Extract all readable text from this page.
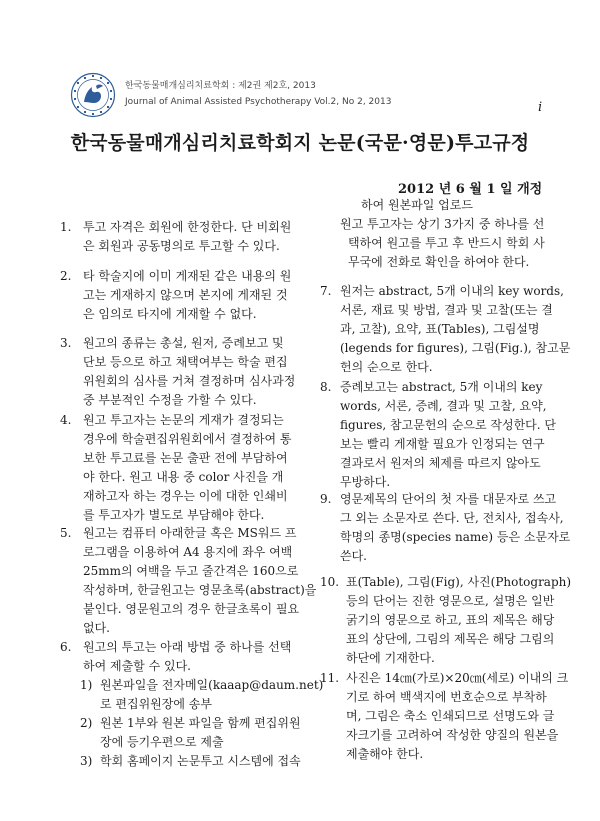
한국동물매개심리치료학회 : 제2권 제2호, 2013
Journal of Animal Assisted Psychotherapy Vol.2, No 2, 2013	i
한국동물매개심리치료학회지 논문(국문·영문)투고규정
2012 년 6 월 1 일 개정
1. 투고 자격은 회원에 한정한다. 단 비회원
은 회원과 공동명의로 투고할 수 있다.
2. 타 학술지에 이미 게재된 같은 내용의 원
고는 게재하지 않으며 본지에 게재된 것
은 임의로 타지에 게재할 수 없다.
3. 원고의 종류는 총설, 원저, 증례보고 및
단보 등으로 하고 채택여부는 학술 편집
위원회의 심사를 거쳐 결정하며 심사과정
중 부분적인 수정을 가할 수 있다.
4. 원고 투고자는 논문의 게재가 결정되는
경우에 학술편집위원회에서 결정하여 통
보한 투고료를 논문 출판 전에 부담하여
야 한다. 원고 내용 중 color 사진을 개
재하고자 하는 경우는 이에 대한 인쇄비
를 투고자가 별도로 부담해야 한다.
5. 원고는 컴퓨터 아래한글 혹은 MS워드 프
로그램을 이용하여 A4 용지에 좌우 여백
25mm의 여백을 두고 줄간격은 160으로
작성하며, 한글원고는 영문초록(abstract)을
붙인다. 영문원고의 경우 한글초록이 필요
없다.
6. 원고의 투고는 아래 방법 중 하나를 선택
하여 제출할 수 있다.
1) 원본파일을 전자메일(kaaap@daum.net)
로 편집위원장에 송부
2) 원본 1부와 원본 파일을 함께 편집위원
장에 등기우편으로 제출
3) 학회 홈페이지 논문투고 시스템에 접속
하여 원본파일 업로드
원고 투고자는 상기 3가지 중 하나를 선
택하여 원고를 투고 후 반드시 학회 사
무국에 전화로 확인을 하여야 한다.
7. 원저는 abstract, 5개 이내의 key words,
서론, 재료 및 방법, 결과 및 고찰(또는 결
과, 고찰), 요약, 표(Tables), 그림설명
(legends for figures), 그림(Fig.), 참고문
헌의 순으로 한다.
8. 증례보고는 abstract, 5개 이내의 key
words, 서론, 증례, 결과 및 고찰, 요약,
figures, 참고문헌의 순으로 작성한다. 단
보는 빨리 게재할 필요가 인정되는 연구
결과로서 원저의 체제를 따르지 않아도
무방하다.
9. 영문제목의 단어의 첫 자를 대문자로 쓰고
그 외는 소문자로 쓴다. 단, 전치사, 접속사,
학명의 종명(species name) 등은 소문자로
쓴다.
10. 표(Table), 그림(Fig), 사진(Photograph)
등의 단어는 진한 영문으로, 설명은 일반
굵기의 영문으로 하고, 표의 제목은 해당
표의 상단에, 그림의 제목은 해당 그림의
하단에 기재한다.
11. 사진은 14㎝(가로)×20㎝(세로) 이내의 크
기로 하여 백색지에 번호순으로 부착하
며, 그림은 축소 인쇄되므로 선명도와 글
자크기를 고려하여 작성한 양질의 원본을
제출해야 한다.
